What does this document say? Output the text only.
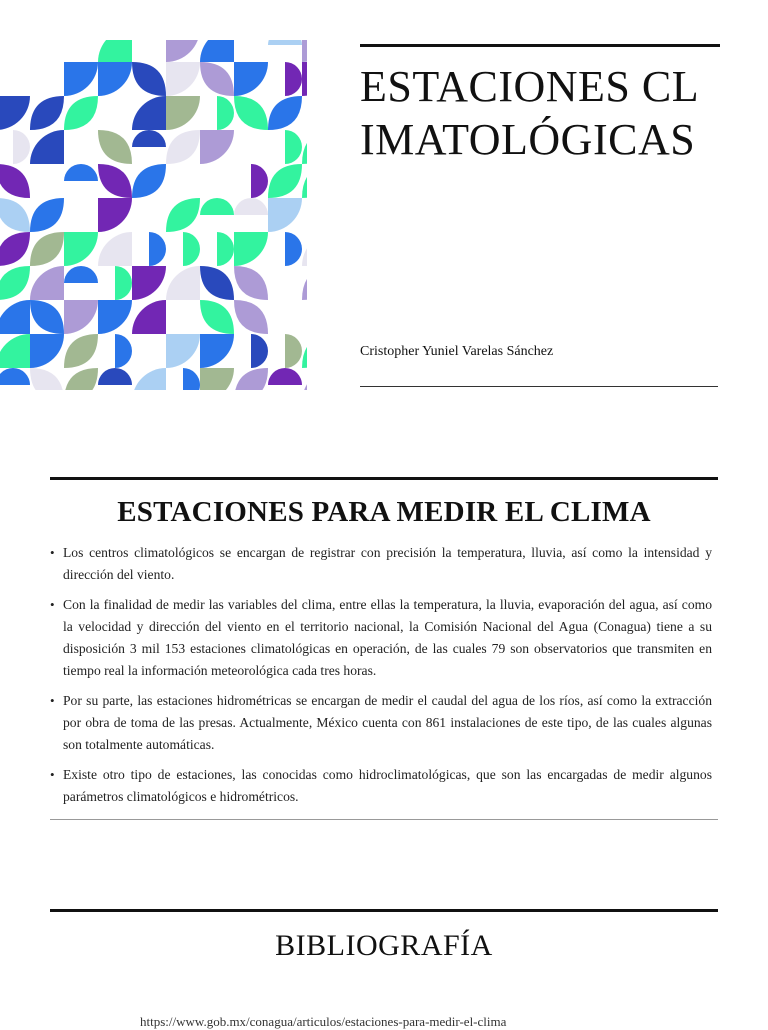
ESTACIONES CLIMATOLÓGICAS
Cristopher Yuniel Varelas Sánchez
ESTACIONES PARA MEDIR EL CLIMA
• Los centros climatológicos se encargan de registrar con precisión la temperatura, lluvia, así como la intensidad y dirección del viento.
• Con la finalidad de medir las variables del clima, entre ellas la temperatura, la lluvia, evaporación del agua, así como la velocidad y dirección del viento en el territorio nacional, la Comisión Nacional del Agua (Conagua) tiene a su disposición 3 mil 153 estaciones climatológicas en operación, de las cuales 79 son observatorios que transmiten en tiempo real la información meteorológica cada tres horas.
• Por su parte, las estaciones hidrométricas se encargan de medir el caudal del agua de los ríos, así como la extracción por obra de toma de las presas. Actualmente, México cuenta con 861 instalaciones de este tipo, de las cuales algunas son totalmente automáticas.
• Existe otro tipo de estaciones, las conocidas como hidroclimatológicas, que son las encargadas de medir algunos parámetros climatológicos e hidrométricos.
BIBLIOGRAFÍA
https://www.gob.mx/conagua/articulos/estaciones-para-medir-el-clima
